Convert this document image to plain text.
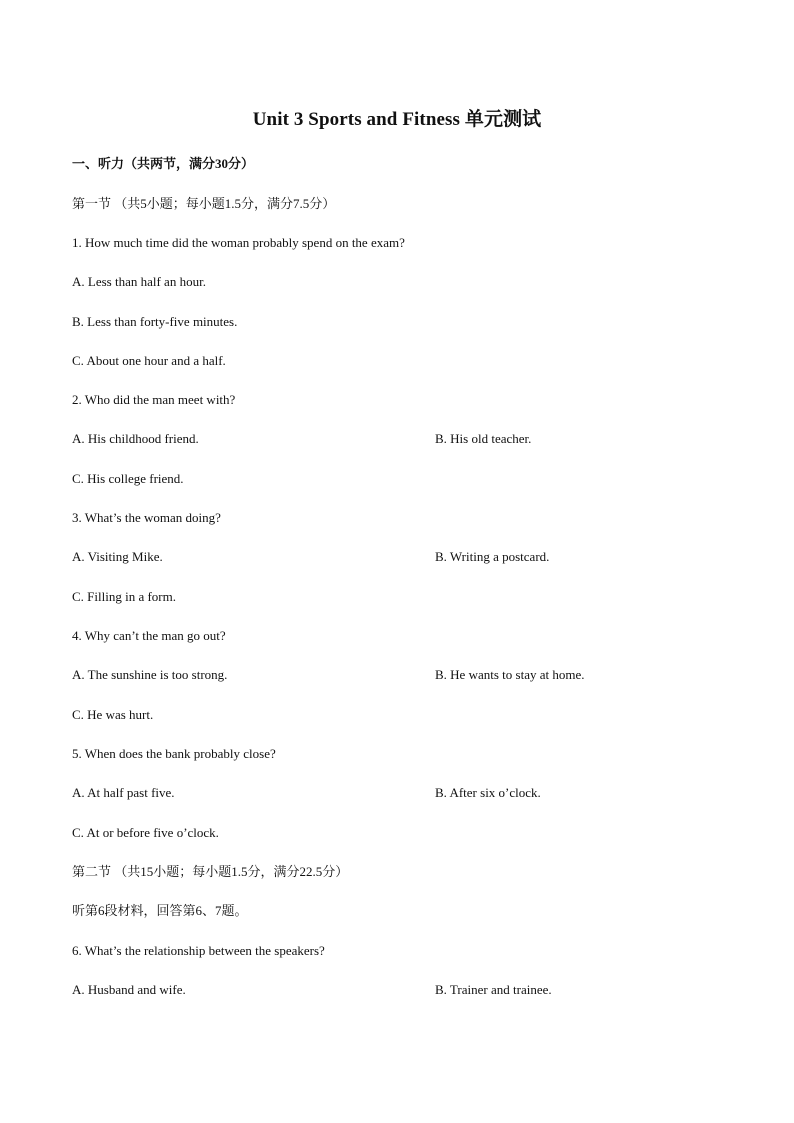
Unit 3 Sports and Fitness 单元测试
一、听力（共两节，满分30分）
第一节 （共5小题；每小题1.5分，满分7.5分）
1. How much time did the woman probably spend on the exam?
A. Less than half an hour.
B. Less than forty-five minutes.
C. About one hour and a half.
2. Who did the man meet with?
A. His childhood friend.	B. His old teacher.
C. His college friend.
3. What’s the woman doing?
A. Visiting Mike.	B. Writing a postcard.
C. Filling in a form.
4. Why can’t the man go out?
A. The sunshine is too strong.	B. He wants to stay at home.
C. He was hurt.
5. When does the bank probably close?
A. At half past five.	B. After six o’clock.
C. At or before five o’clock.
第二节 （共15小题；每小题1.5分，满分22.5分）
听第6段材料，回答第6、7题。
6. What’s the relationship between the speakers?
A. Husband and wife.	B. Trainer and trainee.
